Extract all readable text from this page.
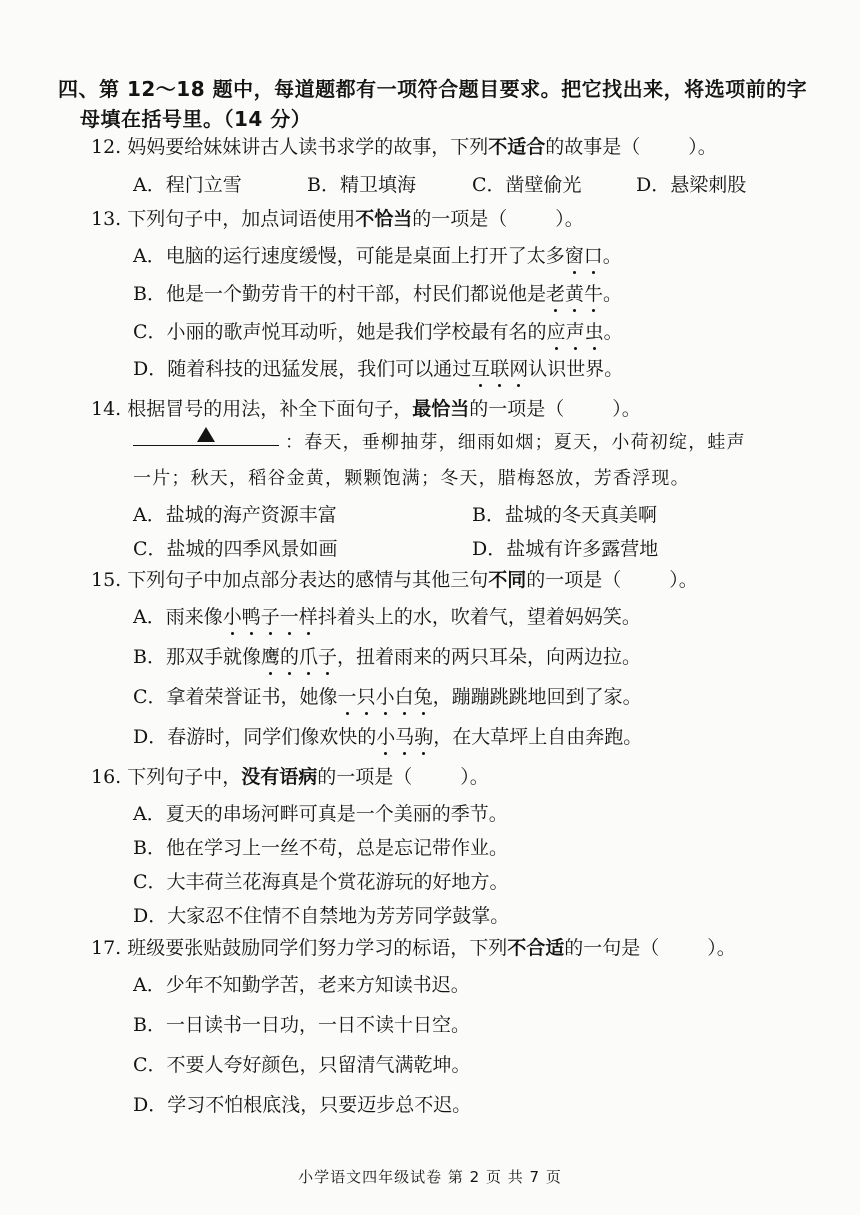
四、第 12～18 题中，每道题都有一项符合题目要求。把它找出来，将选项前的字
母填在括号里。（14 分）
12. 妈妈要给妹妹讲古人读书求学的故事，下列不适合的故事是（	）。
A．程门立雪	B．精卫填海	C．凿壁偷光	D．悬梁刺股
13. 下列句子中，加点词语使用不恰当的一项是（	）。
A．电脑的运行速度缓慢，可能是桌面上打开了太多窗口。
B．他是一个勤劳肯干的村干部，村民们都说他是老黄牛。
C．小丽的歌声悦耳动听，她是我们学校最有名的应声虫。
D．随着科技的迅猛发展，我们可以通过互联网认识世界。
14. 根据冒号的用法，补全下面句子，最恰当的一项是（	）。
：春天，垂柳抽芽，细雨如烟；夏天，小荷初绽，蛙声
一片；秋天，稻谷金黄，颗颗饱满；冬天，腊梅怒放，芳香浮现。
A．盐城的海产资源丰富	B．盐城的冬天真美啊
C．盐城的四季风景如画	D．盐城有许多露营地
15. 下列句子中加点部分表达的感情与其他三句不同的一项是（	）。
A．雨来像小鸭子一样抖着头上的水，吹着气，望着妈妈笑。
B．那双手就像鹰的爪子，扭着雨来的两只耳朵，向两边拉。
C．拿着荣誉证书，她像一只小白兔，蹦蹦跳跳地回到了家。
D．春游时，同学们像欢快的小马驹，在大草坪上自由奔跑。
16. 下列句子中，没有语病的一项是（	）。
A．夏天的串场河畔可真是一个美丽的季节。
B．他在学习上一丝不苟，总是忘记带作业。
C．大丰荷兰花海真是个赏花游玩的好地方。
D．大家忍不住情不自禁地为芳芳同学鼓掌。
17. 班级要张贴鼓励同学们努力学习的标语，下列不合适的一句是（	）。
A．少年不知勤学苦，老来方知读书迟。
B．一日读书一日功，一日不读十日空。
C．不要人夸好颜色，只留清气满乾坤。
D．学习不怕根底浅，只要迈步总不迟。
小学语文四年级试卷 第 2 页 共 7 页
